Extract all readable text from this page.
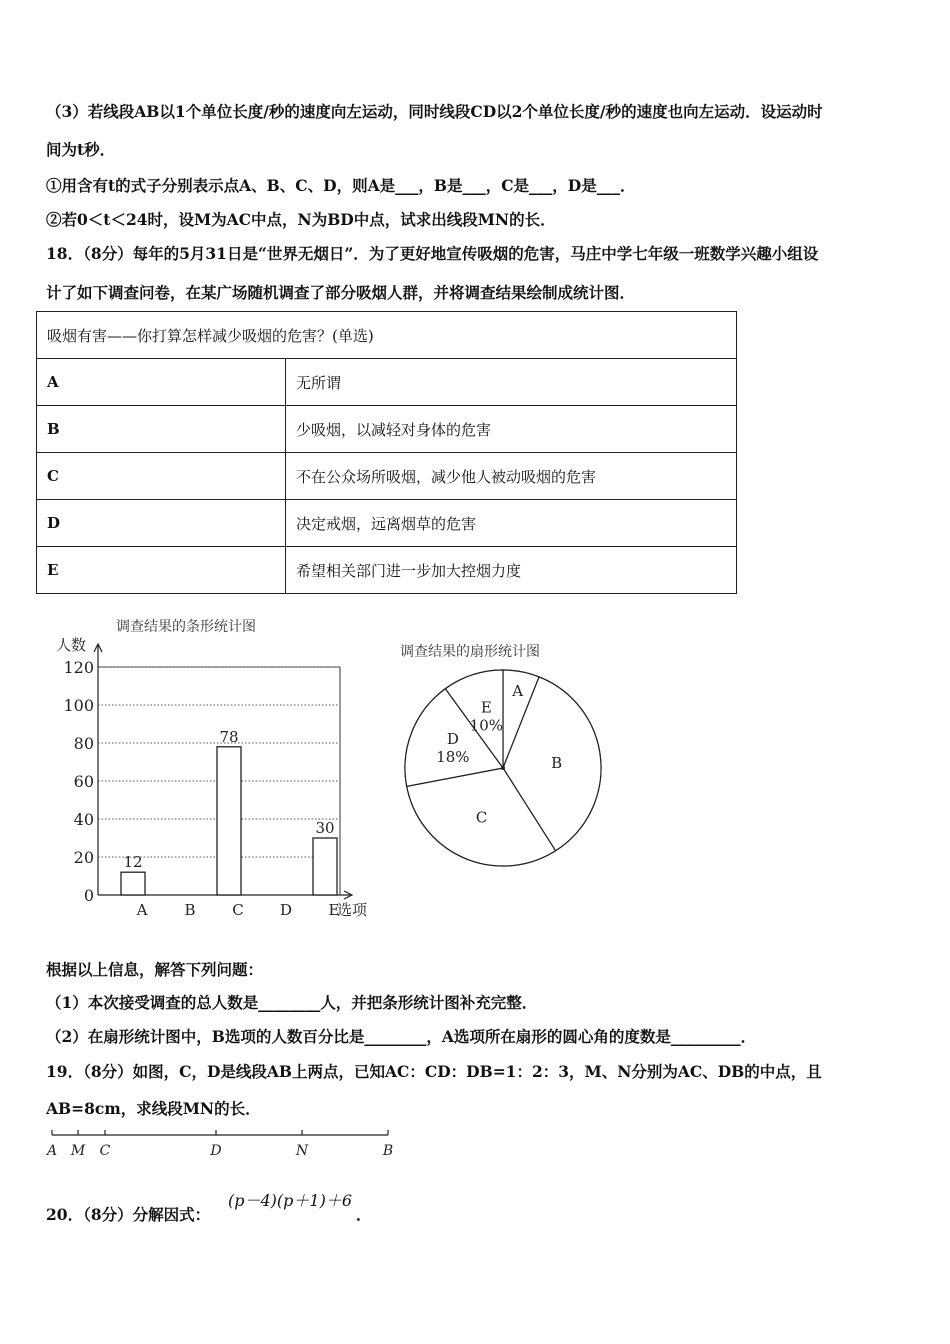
（3）若线段AB以1个单位长度/秒的速度向左运动，同时线段CD以2个单位长度/秒的速度也向左运动．设运动时
间为t秒．
①用含有t的式子分别表示点A、B、C、D，则A是___，B是___，C是___，D是___．
②若0＜t＜24时，设M为AC中点，N为BD中点，试求出线段MN的长．
18．（8分）每年的5月31日是“世界无烟日”．为了更好地宣传吸烟的危害，马庄中学七年级一班数学兴趣小组设
计了如下调查问卷，在某广场随机调查了部分吸烟人群，并将调查结果绘制成统计图．
吸烟有害——你打算怎样减少吸烟的危害？(单选)	
A	无所谓
B	少吸烟，以减轻对身体的危害
C	不在公众场所吸烟，减少他人被动吸烟的危害
D	决定戒烟，远离烟草的危害
E	希望相关部门进一步加大控烟力度
调查结果的条形统计图
0
20
40
60
80
100
120
人数
选项
A
12
B C
78
D E
30
调查结果的扇形统计图
A
B
C
D
18%
E
10%
根据以上信息，解答下列问题：
（1）本次接受调查的总人数是________人，并把条形统计图补充完整．
（2）在扇形统计图中，B选项的人数百分比是________，A选项所在扇形的圆心角的度数是_________．
19．（8分）如图，C，D是线段AB上两点，已知AC：CD：DB=1：2：3，M、N分别为AC、DB的中点，且
AB=8cm，求线段MN的长．
A M C	D	N	B
20．（8分）分解因式：
(p－4)(p＋1)＋6
．
